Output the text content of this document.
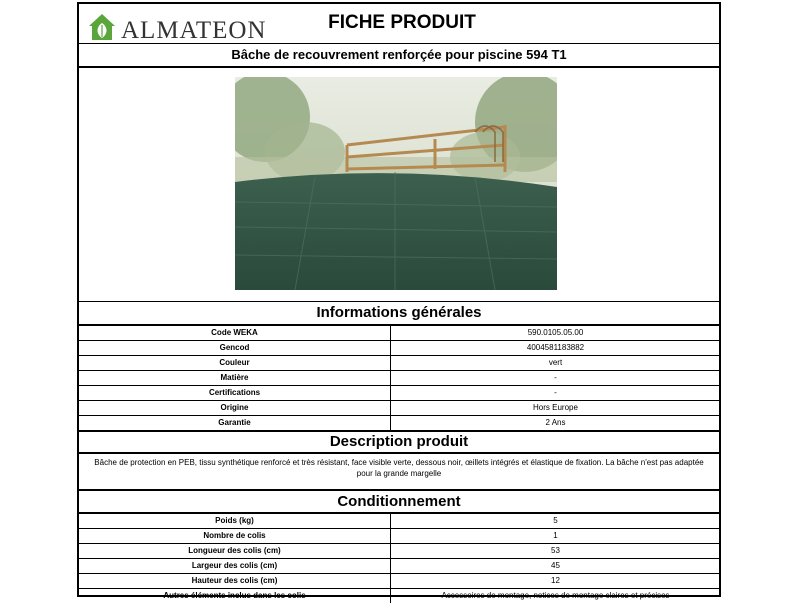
ALMATEON	FICHE PRODUIT
Bâche de recouvrement renforçée pour piscine 594 T1
Informations générales
Code WEKA	590.0105.05.00
Gencod	4004581183882
Couleur	vert
Matière	-
Certifications	-
Origine	Hors Europe
Garantie	2 Ans
Description produit
Bâche de protection en PEB, tissu synthétique renforcé et très résistant, face visible verte, dessous noir, œillets intégrés et élastique de fixation. La bâche n'est pas adaptée pour la grande margelle
Conditionnement
Poids (kg)	5
Nombre de colis	1
Longueur des colis (cm)	53
Largeur des colis (cm)	45
Hauteur des colis (cm)	12
Autres éléments inclus dans les colis	Accessoires de montage, notices de montage claires et précises
